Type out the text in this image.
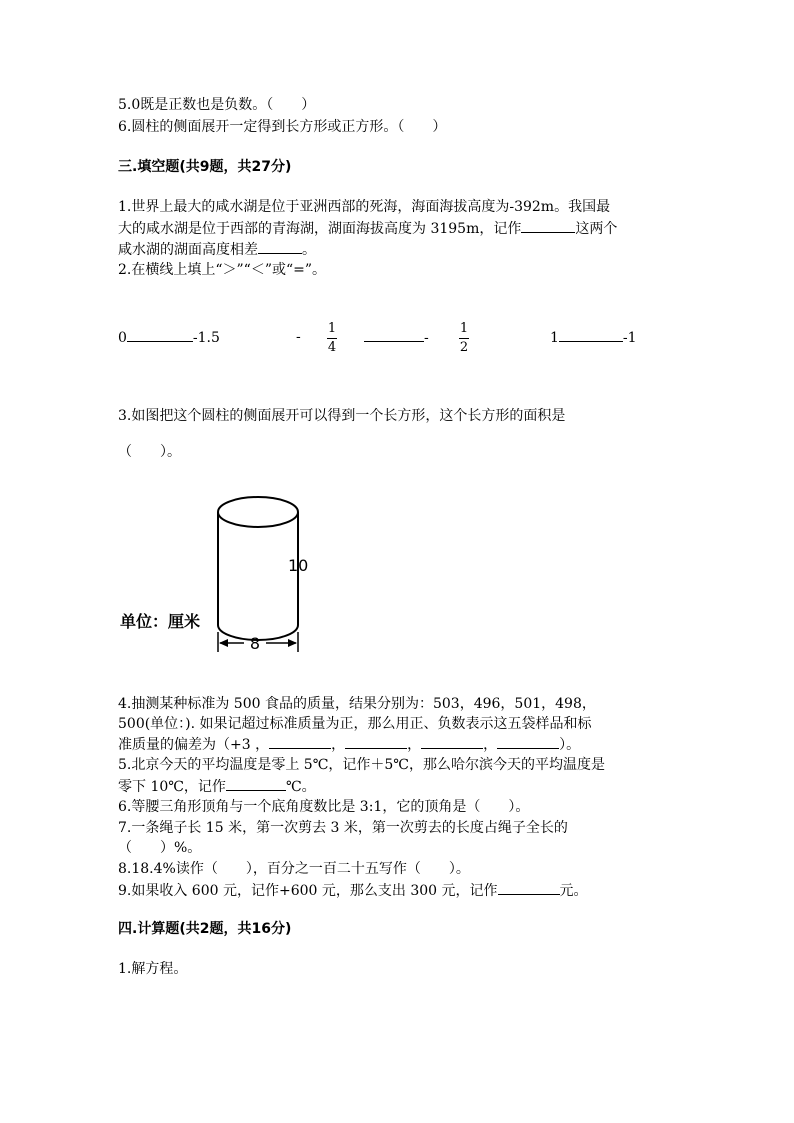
5.0既是正数也是负数。（　　）
6.圆柱的侧面展开一定得到长方形或正方形。（　　）
三.填空题(共9题，共27分)
1.世界上最大的咸水湖是位于亚洲西部的死海，海面海拔高度为-392m。我国最
大的咸水湖是位于西部的青海湖，湖面海拔高度为 3195m，记作	这两个
咸水湖的湖面高度相差	。
2.在横线上填上“＞”“＜”或“=”。
0	-1.5	-
1
4
-
1
2
1	-1
3.如图把这个圆柱的侧面展开可以得到一个长方形，这个长方形的面积是
（　　）。
8
10
单位：厘米
4.抽测某种标准为 500 食品的质量，结果分别为：503，496，501，498，
500(单位：). 如果记超过标准质量为正，那么用正、负数表示这五袋样品和标
准质量的偏差为（+3 ，	，	，	，	）。
5.北京今天的平均温度是零上 5℃，记作＋5℃，那么哈尔滨今天的平均温度是
零下 10℃，记作	℃。
6.等腰三角形顶角与一个底角度数比是 3:1，它的顶角是（　　）。
7.一条绳子长 15 米，第一次剪去 3 米，第一次剪去的长度占绳子全长的
（　　）%。
8.18.4%读作（　　），百分之一百二十五写作（　　）。
9.如果收入 600 元，记作+600 元，那么支出 300 元，记作	元。
四.计算题(共2题，共16分)
1.解方程。
